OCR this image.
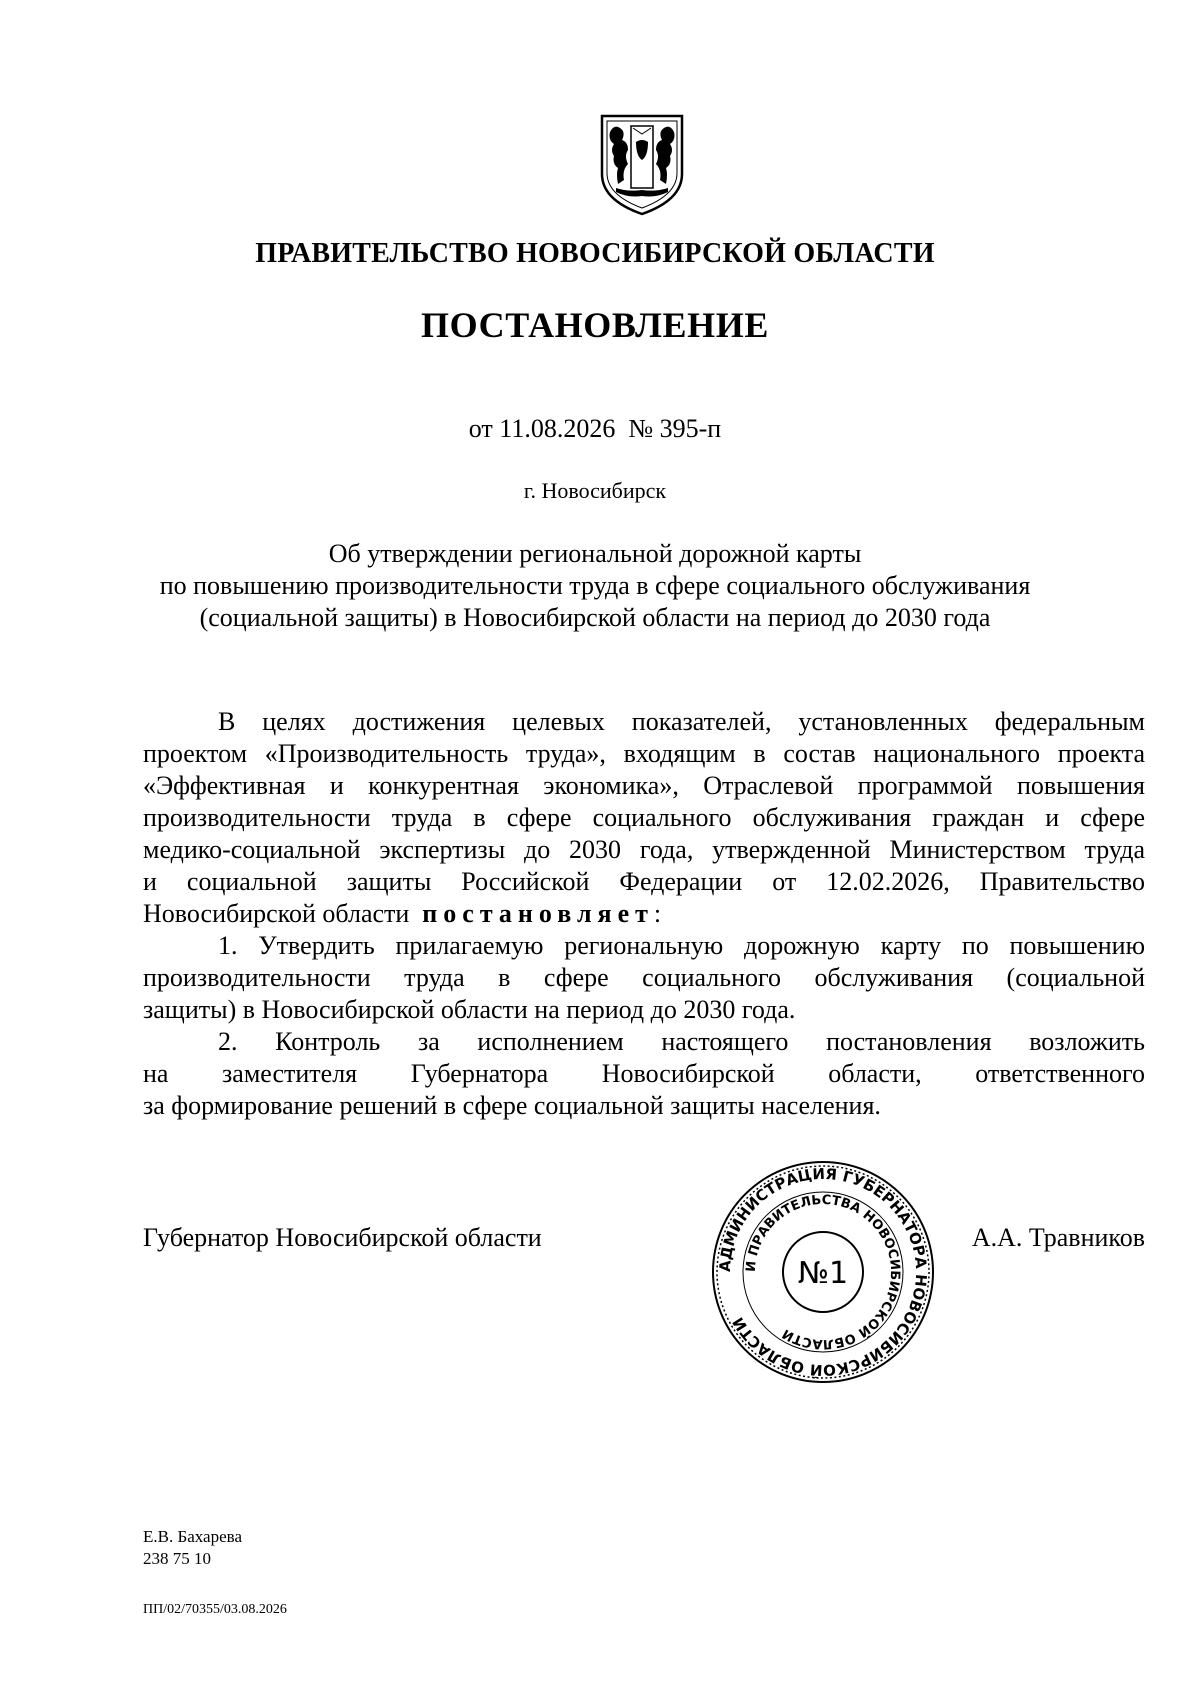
ПРАВИТЕЛЬСТВО НОВОСИБИРСКОЙ ОБЛАСТИ
ПОСТАНОВЛЕНИЕ
от 11.08.2026 № 395-п
г. Новосибирск
Об утверждении региональной дорожной карты
по повышению производительности труда в сфере социального обслуживания
(социальной защиты) в Новосибирской области на период до 2030 года
В целях достижения целевых показателей, установленных федеральным
проектом «Производительность труда», входящим в состав национального проекта
«Эффективная и конкурентная экономика», Отраслевой программой повышения
производительности труда в сфере социального обслуживания граждан и сфере
медико-социальной экспертизы до 2030 года, утвержденной Министерством труда
и социальной защиты Российской Федерации от 12.02.2026, Правительство
Новосибирской области постановляет:
1. Утвердить прилагаемую региональную дорожную карту по повышению
производительности труда в сфере социального обслуживания (социальной
защиты) в Новосибирской области на период до 2030 года.
2. Контроль за исполнением настоящего постановления возложить
на заместителя Губернатора Новосибирской области, ответственного
за формирование решений в сфере социальной защиты населения.
АДМИНИСТРАЦИЯ ГУБЕРНАТОРА НОВОСИБИРСКОЙ ОБЛАСТИ
И ПРАВИТЕЛЬСТВА НОВОСИБИРСКОЙ ОБЛАСТИ
№1
Губернатор Новосибирской области	А.А. Травников
Е.В. Бахарева
238 75 10
ПП/02/70355/03.08.2026
